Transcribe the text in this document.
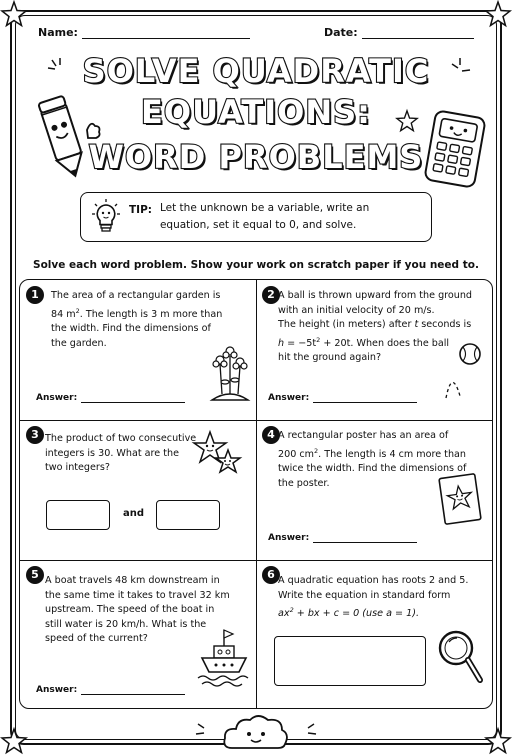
Name:	Date:
SOLVE QUADRATIC
EQUATIONS:
WORD PROBLEMS
TIP: Let the unknown be a variable, write an equation, set it equal to 0, and solve.
Solve each word problem. Show your work on scratch paper if you need to.
1	The area of a rectangular garden is
84 $m^2$. The length is 3 m more than
the width. Find the dimensions of
the garden.
Answer:
2 A ball is thrown upward from the ground
with an initial velocity of 20 m/s.
The height (in meters) after t seconds is
$h = -5t^2 + 20t$. When does the ball
hit the ground again?
Answer:
3 The product of two consecutive
integers is 30. What are the
two integers?
and
4 A rectangular poster has an area of
200 $cm^2$. The length is 4 cm more than
twice the width. Find the dimensions of
the poster.
Answer:
5 A boat travels 48 km downstream in
the same time it takes to travel 32 km
upstream. The speed of the boat in
still water is 20 km/h. What is the
speed of the current?
Answer:
6 A quadratic equation has roots 2 and 5.
Write the equation in standard form
$ax^2$ + bx + c = 0 (use a = 1).
